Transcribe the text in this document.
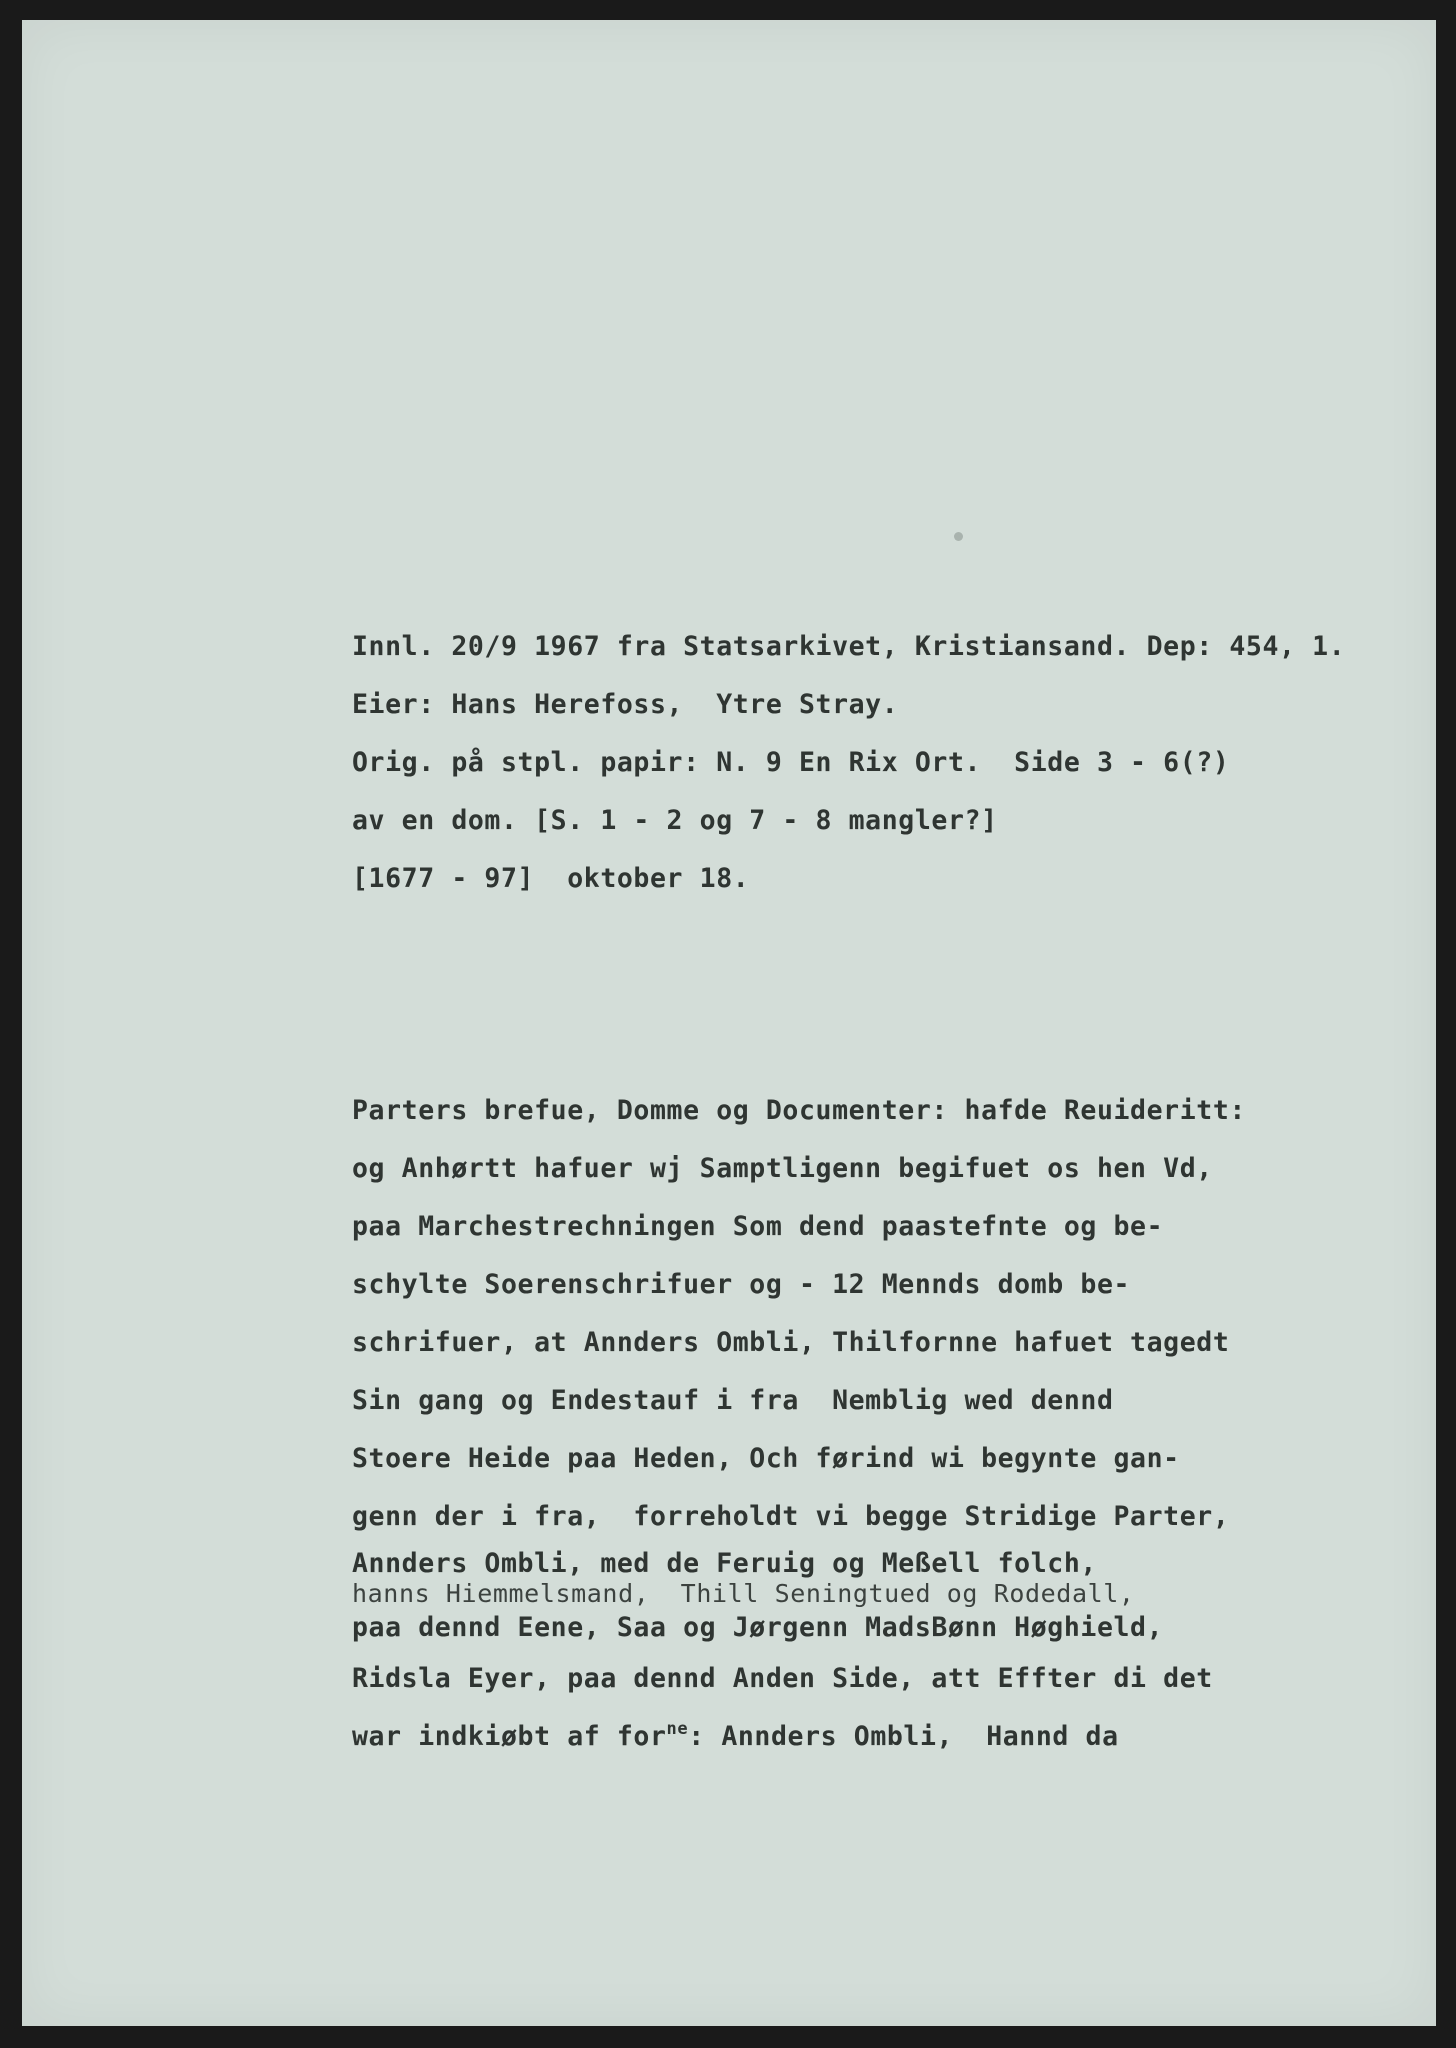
Innl. 20/9 1967 fra Statsarkivet, Kristiansand. Dep: 454, 1.
Eier: Hans Herefoss,  Ytre Stray.
Orig. på stpl. papir: N. 9 En Rix Ort.  Side 3 - 6(?)
av en dom. [S. 1 - 2 og 7 - 8 mangler?]
[1677 - 97]  oktober 18.
Parters brefue, Domme og Documenter: hafde Reuideritt:
og Anhørtt hafuer wj Samptligenn begifuet os hen Vd,
paa Marchestrechningen Som dend paastefnte og be-
schylte Soerenschrifuer og - 12 Mennds domb be-
schrifuer, at Annders Ombli, Thilfornne hafuet tagedt
Sin gang og Endestauf i fra  Nemblig wed dennd
Stoere Heide paa Heden, Och førind wi begynte gan-
genn der i fra,  forreholdt vi begge Stridige Parter,
Annders Ombli, med de Feruig og Meßell folch,
hanns Hiemmelsmand,  Thill Seningtued og Rodedall,
paa dennd Eene, Saa og Jørgenn MadsBønn Høghield,
Ridsla Eyer, paa dennd Anden Side, att Effter di det
war indkiøbt af for$^{ne}$: Annders Ombli,  Hannd da
